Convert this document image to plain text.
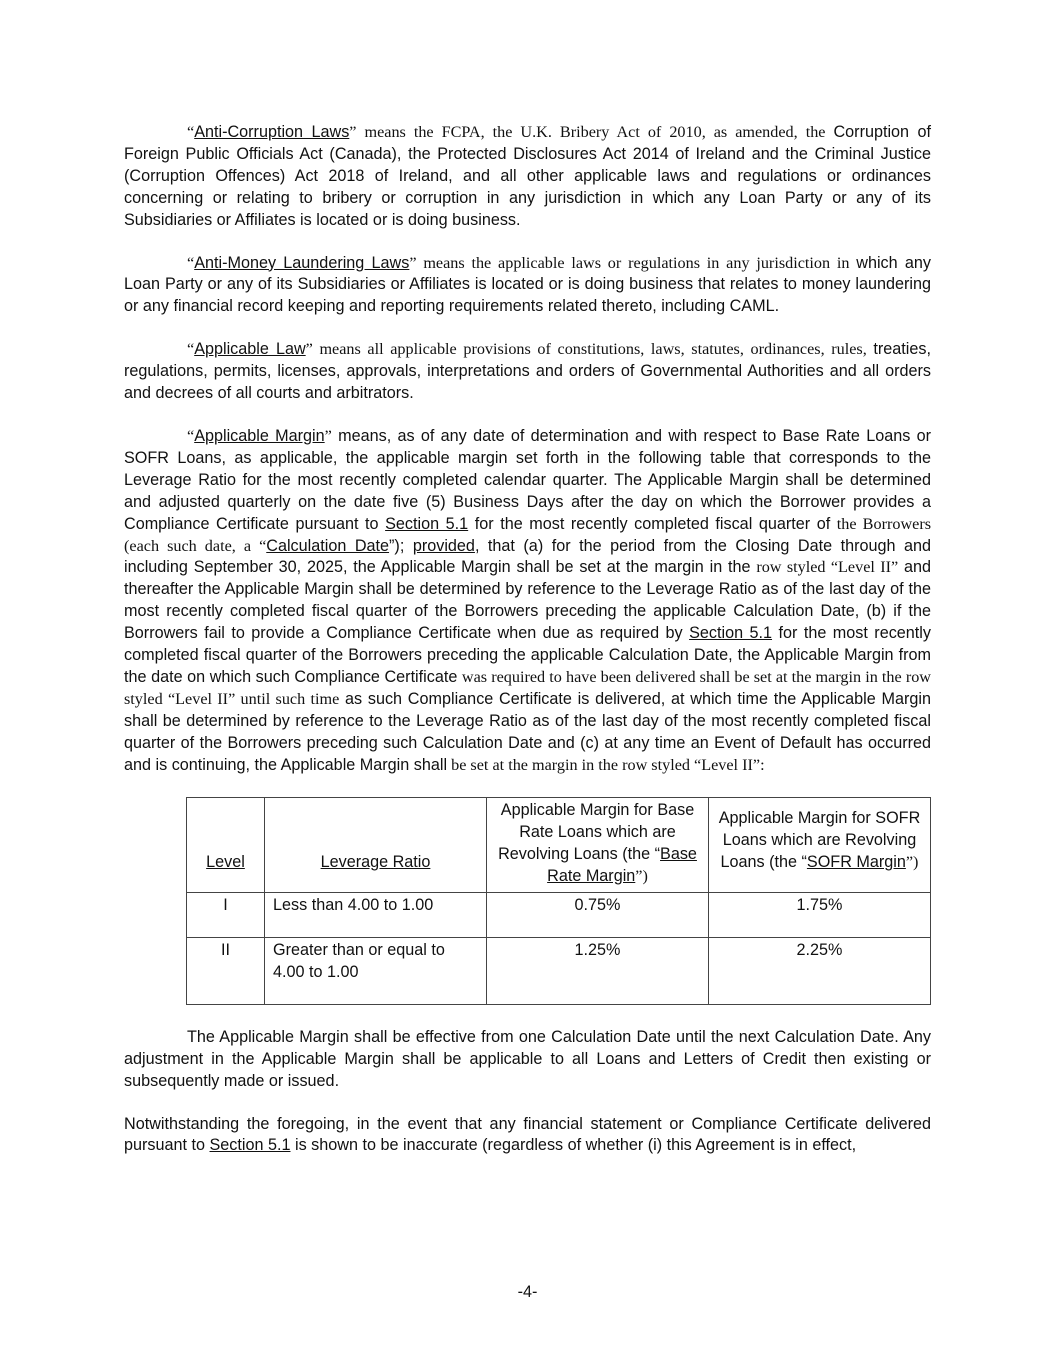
“Anti-Corruption Laws” means the FCPA, the U.K. Bribery Act of 2010, as amended, the Corruption of Foreign Public Officials Act (Canada), the Protected Disclosures Act 2014 of Ireland and the Criminal Justice (Corruption Offences) Act 2018 of Ireland, and all other applicable laws and regulations or ordinances concerning or relating to bribery or corruption in any jurisdiction in which any Loan Party or any of its Subsidiaries or Affiliates is located or is doing business.

“Anti-Money Laundering Laws” means the applicable laws or regulations in any jurisdiction in which any Loan Party or any of its Subsidiaries or Affiliates is located or is doing business that relates to money laundering or any financial record keeping and reporting requirements related thereto, including CAML.

“Applicable Law” means all applicable provisions of constitutions, laws, statutes, ordinances, rules, treaties, regulations, permits, licenses, approvals, interpretations and orders of Governmental Authorities and all orders and decrees of all courts and arbitrators.

“Applicable Margin” means, as of any date of determination and with respect to Base Rate Loans or SOFR Loans, as applicable, the applicable margin set forth in the following table that corresponds to the Leverage Ratio for the most recently completed calendar quarter. The Applicable Margin shall be determined and adjusted quarterly on the date five (5) Business Days after the day on which the Borrower provides a Compliance Certificate pursuant to Section 5.1 for the most recently completed fiscal quarter of the Borrowers (each such date, a “Calculation Date”); provided, that (a) for the period from the Closing Date through and including September 30, 2025, the Applicable Margin shall be set at the margin in the row styled “Level II” and thereafter the Applicable Margin shall be determined by reference to the Leverage Ratio as of the last day of the most recently completed fiscal quarter of the Borrowers preceding the applicable Calculation Date, (b) if the Borrowers fail to provide a Compliance Certificate when due as required by Section 5.1 for the most recently completed fiscal quarter of the Borrowers preceding the applicable Calculation Date, the Applicable Margin from the date on which such Compliance Certificate was required to have been delivered shall be set at the margin in the row styled “Level II” until such time as such Compliance Certificate is delivered, at which time the Applicable Margin shall be determined by reference to the Leverage Ratio as of the last day of the most recently completed fiscal quarter of the Borrowers preceding such Calculation Date and (c) at any time an Event of Default has occurred and is continuing, the Applicable Margin shall be set at the margin in the row styled “Level II”:

Level	Leverage Ratio	Applicable Margin for Base Rate Loans which are Revolving Loans (the “Base Rate Margin”)	Applicable Margin for SOFR Loans which are Revolving Loans (the “SOFR Margin”)
I	Less than 4.00 to 1.00	0.75%	1.75%
II	Greater than or equal to 4.00 to 1.00	1.25%	2.25%

The Applicable Margin shall be effective from one Calculation Date until the next Calculation Date. Any adjustment in the Applicable Margin shall be applicable to all Loans and Letters of Credit then existing or subsequently made or issued.

Notwithstanding the foregoing, in the event that any financial statement or Compliance Certificate delivered pursuant to Section 5.1 is shown to be inaccurate (regardless of whether (i) this Agreement is in effect,

-4-
